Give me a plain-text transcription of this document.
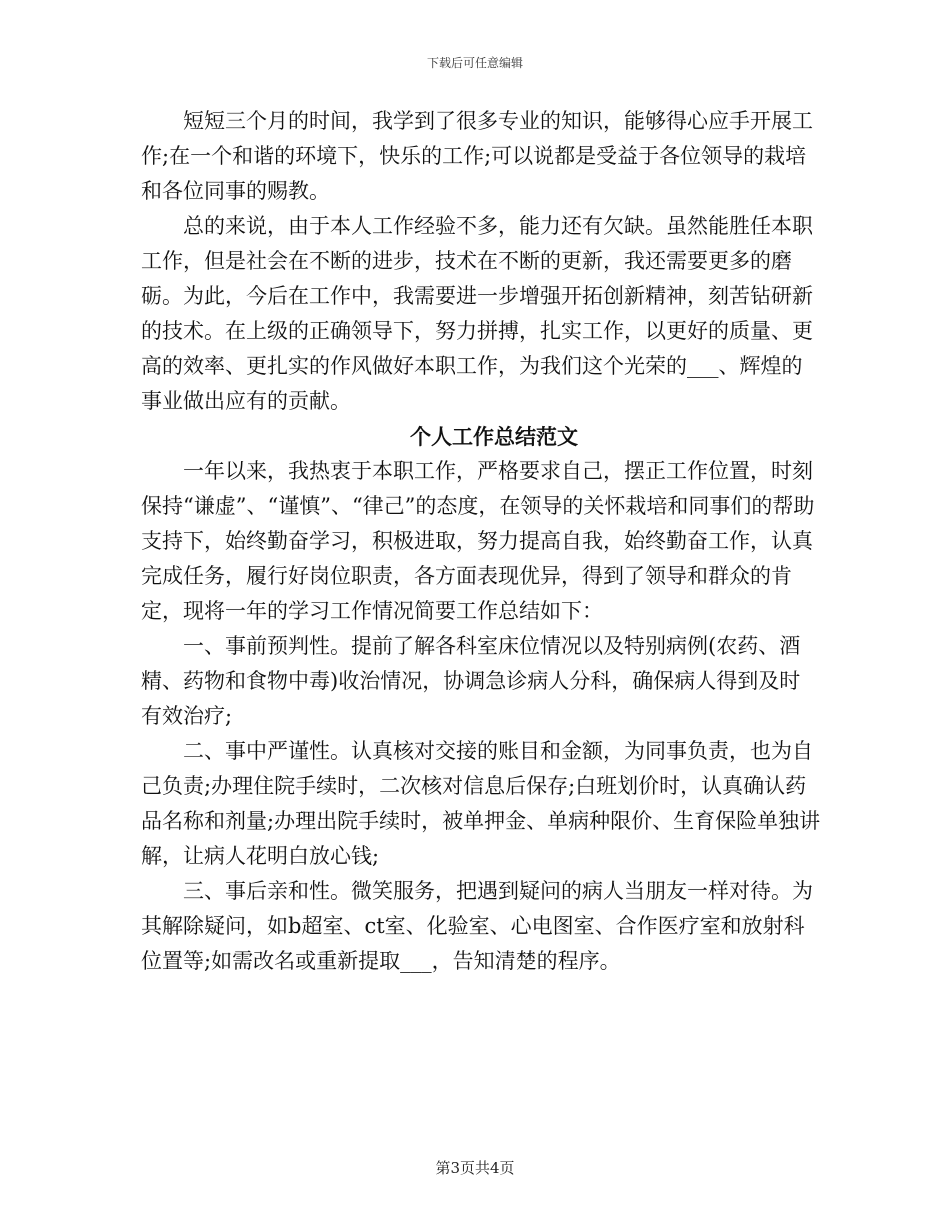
下载后可任意编辑

短短三个月的时间，我学到了很多专业的知识，能够得心应手开展工作;在一个和谐的环境下，快乐的工作;可以说都是受益于各位领导的栽培和各位同事的赐教。

总的来说，由于本人工作经验不多，能力还有欠缺。虽然能胜任本职工作，但是社会在不断的进步，技术在不断的更新，我还需要更多的磨砺。为此，今后在工作中，我需要进一步增强开拓创新精神，刻苦钻研新的技术。在上级的正确领导下，努力拼搏，扎实工作，以更好的质量、更高的效率、更扎实的作风做好本职工作，为我们这个光荣的___、辉煌的事业做出应有的贡献。

个人工作总结范文

一年以来，我热衷于本职工作，严格要求自己，摆正工作位置，时刻保持“谦虚”、“谨慎”、“律己”的态度，在领导的关怀栽培和同事们的帮助支持下，始终勤奋学习，积极进取，努力提高自我，始终勤奋工作，认真完成任务，履行好岗位职责，各方面表现优异，得到了领导和群众的肯定，现将一年的学习工作情况简要工作总结如下：

一、事前预判性。提前了解各科室床位情况以及特别病例(农药、酒精、药物和食物中毒)收治情况，协调急诊病人分科，确保病人得到及时有效治疗;

二、事中严谨性。认真核对交接的账目和金额，为同事负责，也为自己负责;办理住院手续时，二次核对信息后保存;白班划价时，认真确认药品名称和剂量;办理出院手续时，被单押金、单病种限价、生育保险单独讲解，让病人花明白放心钱;

三、事后亲和性。微笑服务，把遇到疑问的病人当朋友一样对待。为其解除疑问，如b超室、ct室、化验室、心电图室、合作医疗室和放射科位置等;如需改名或重新提取___，告知清楚的程序。

第3页共4页
